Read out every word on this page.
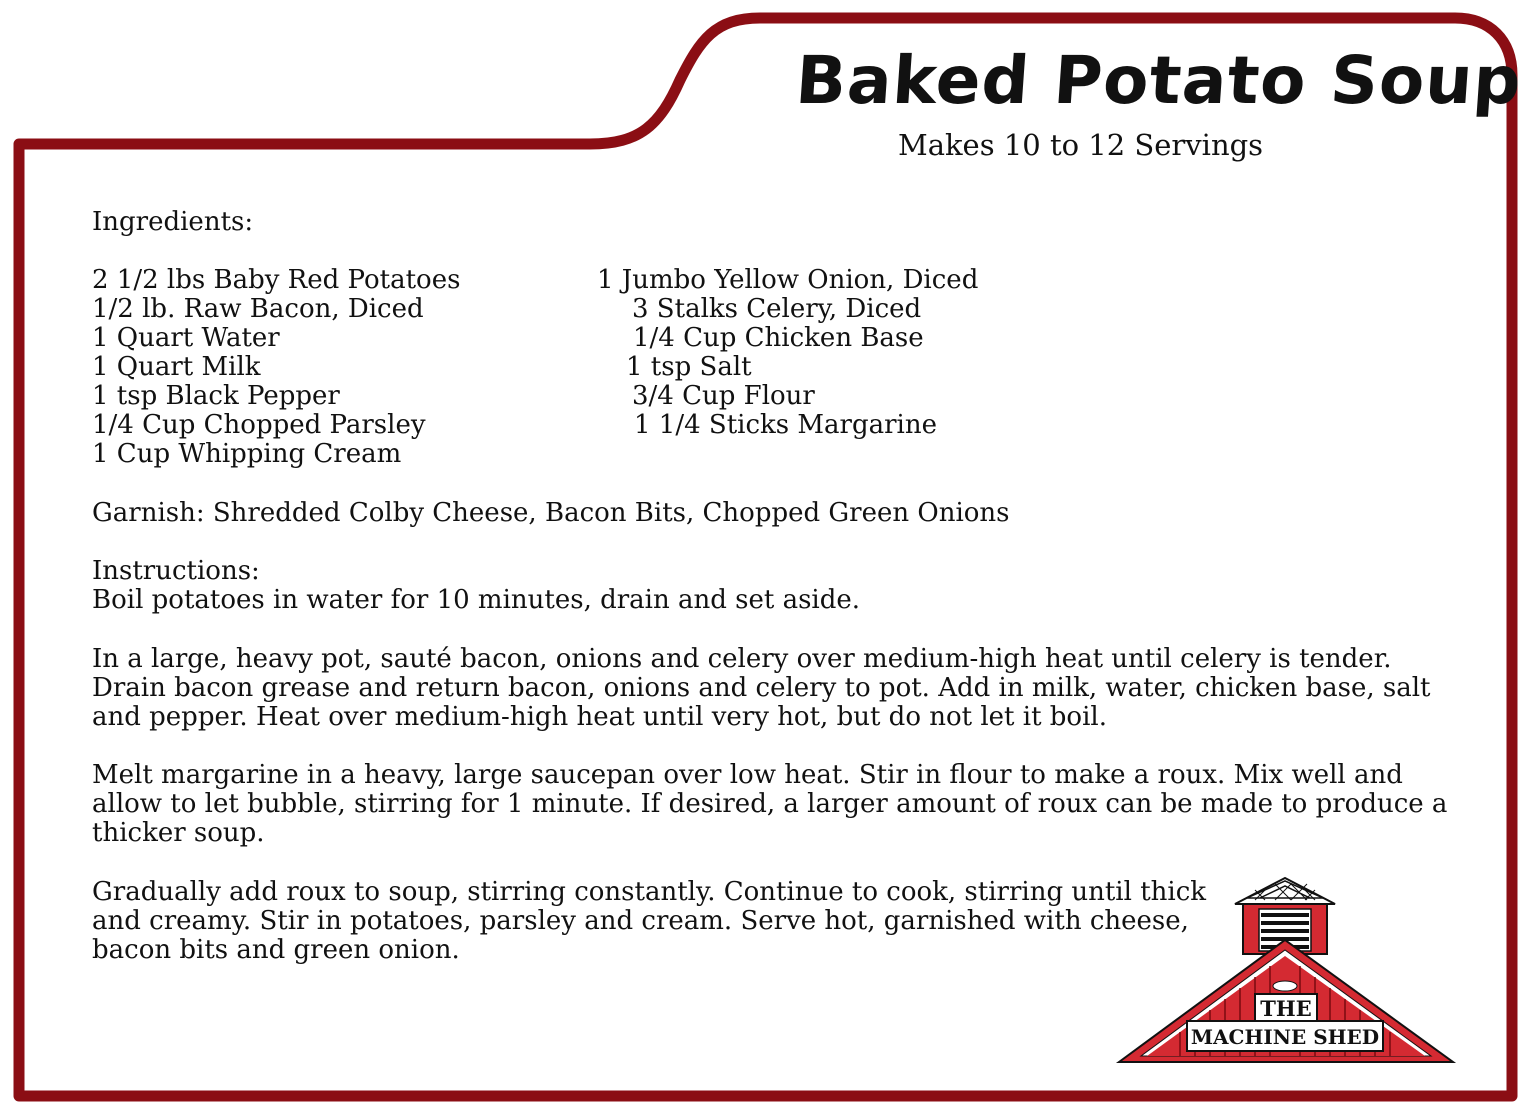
Baked Potato Soup
Makes 10 to 12 Servings
Ingredients:
2 1/2 lbs Baby Red Potatoes
1/2 lb. Raw Bacon, Diced
1 Quart Water
1 Quart Milk
1 tsp Black Pepper
1/4 Cup Chopped Parsley
1 Cup Whipping Cream
1 Jumbo Yellow Onion, Diced
3 Stalks Celery, Diced
1/4 Cup Chicken Base
1 tsp Salt
3/4 Cup Flour
1 1/4 Sticks Margarine
Garnish: Shredded Colby Cheese, Bacon Bits, Chopped Green Onions
Instructions:
Boil potatoes in water for 10 minutes, drain and set aside.
In a large, heavy pot, sauté bacon, onions and celery over medium-high heat until celery is tender.
Drain bacon grease and return bacon, onions and celery to pot. Add in milk, water, chicken base, salt
and pepper. Heat over medium-high heat until very hot, but do not let it boil.
Melt margarine in a heavy, large saucepan over low heat. Stir in flour to make a roux. Mix well and
allow to let bubble, stirring for 1 minute. If desired, a larger amount of roux can be made to produce a
thicker soup.
Gradually add roux to soup, stirring constantly. Continue to cook, stirring until thick
and creamy. Stir in potatoes, parsley and cream. Serve hot, garnished with cheese,
bacon bits and green onion.
THE
MACHINE SHED
